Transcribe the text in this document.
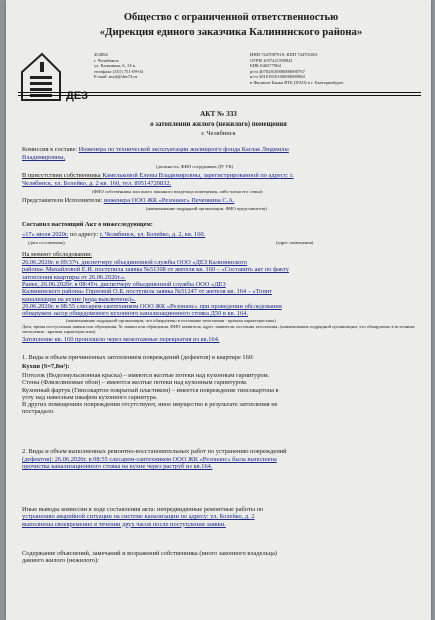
Общество с ограниченной ответственностью
«Дирекция единого заказчика Калининского района»
ДЕЗ
454084
г. Челябинск
ул. Калинина, 6, 13-я
телефакс (351) 751-09-04
E-mail: mail@dez74.ru
ИНН 7447087918, КПП 744701001
ОГРН 1057421590841
БИК 046577964
р/сч 40702810000000000767
к/сч 30101810100000000964
в Филиале Банка ВТБ (ПАО) в г. Екатеринбурге
АКТ № 333
о затоплении жилого (нежилого) помещения
г. Челябинск
Комиссия в составе: Инженера по технической эксплуатации жилищного фонда Каглак Людмилы
Владимировны,
(должность, ФИО сотрудников ДУ УК)
В присутствии собственника Камельковой Елены Владимировны, зарегистрированной по адресу: г.
Челябинск, ул. Болейко, д. 2 кв. 160, тел. 89514720832.
(ФИО собственника или иного законного владельца помещения, либо члена его семьи)
Представители Исполнителя: инженера ООО ЖК «Резонанс» Печенкина С.А.
(наименование подрядной организации, ФИО представителя)
Составил настоящий Акт о нижеследующем:
«17» июля 2020г. по адресу: г. Челябинск, ул. Болейко, д. 2, кв. 160.
(дата составления)	(адрес помещения)
На момент обследования:
26.06.2020г. в 09:37ч. диспетчеру объединенной службы ООО «ДЕЗ Калининского
района» Михайловой Е.И. поступила заявка №51308 от жителя кв. 160 – «Составить акт по факту
затопления квартиры от 26.06.2020г.».
Ранее, 26.06.2020г. в 08:45ч. диспетчеру объединенной службы ООО «ДЕЗ
Калининского района» Горновой О.Б. поступила заявка №51247 от жителя кв. 164 – «Топит
канализация на кухне (вода выключена)».
26.06.2020г. в 08:55 слесарем-сантехником ООО ЖК «Резонанс» при проведении обследования
обнаружен засор общедомового кухонного канализационного стояка Д50 в кв. 164.
(наименование подрядной организации, что обнаружено в источнике затопления - краткая характеристика)
Дата, время поступления заявки или обращения, № заявки или обращения, ФИО заявителя, адрес заявителя, источник затопления, (наименование подрядной организации, что обнаружено в источнике затопления - краткая характеристика)
Затопление кв. 160 произошло через межэтажные перекрытия из кв.164.
1. Виды и объем причиненных затоплением повреждений (дефектов) в квартире 160:
Кухня (S=7,8м²):
Потолок (Водоэмульсионная краска) – имеются желтые потеки над кухонным гарнитуром.
Стены (Флизелиновые обои) – имеются желтые потеки над кухонным гарнитуром.
Кухонный фартук (Гипсокартон покрытый пластиком) – имеется повреждение гипсокартона в
углу над навесным шкафом кухонного гарнитура.
В других помещениях повреждения отсутствуют, иное имущество в результате затопления не
пострадало.
2. Виды и объем выполненных ремонтно-восстановительных работ по устранению повреждений
(дефектов): 26.06.2020г. в 08:55 слесарем-сантехником ООО ЖК «Резонанс» была выполнена
прочистка канализационного стояка на кухне через раструб из кв.164.
Иные выводы комиссии в ходе составления акта: непредвиденные ремонтные работы по
устранению аварийной ситуации на системе канализации по адресу: ул. Болейко, д. 2
выполнены своевременно в течении двух часов после поступления заявки.
Содержание объяснений, замечаний и возражений собственника (иного законного владельца)
данного жилого (нежилого):
